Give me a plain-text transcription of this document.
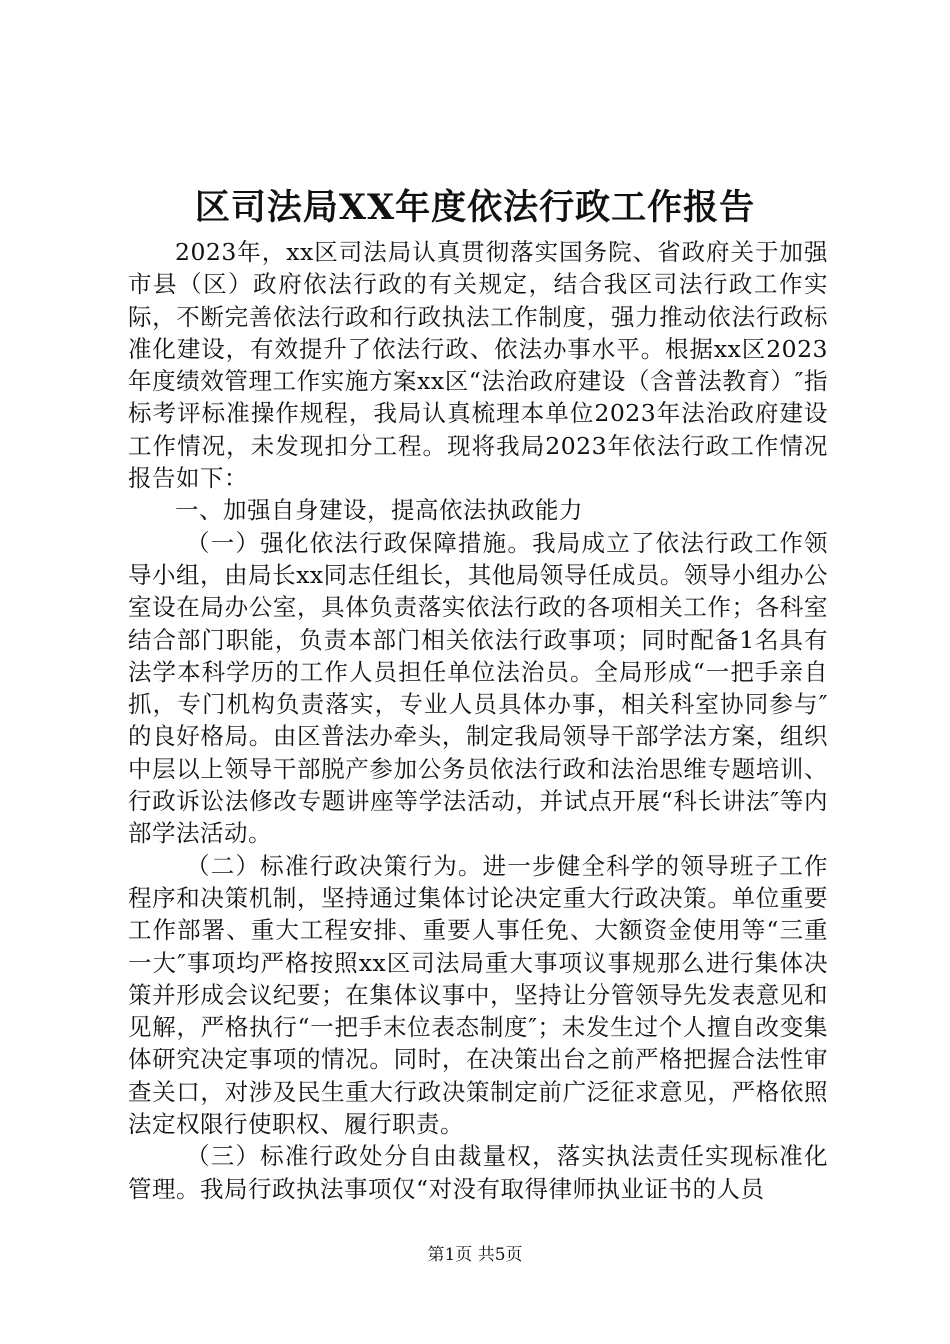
区司法局XX年度依法行政工作报告

2023年，xx区司法局认真贯彻落实国务院、省政府关于加强市县（区）政府依法行政的有关规定，结合我区司法行政工作实际，不断完善依法行政和行政执法工作制度，强力推动依法行政标准化建设，有效提升了依法行政、依法办事水平。根据xx区2023年度绩效管理工作实施方案xx区“法治政府建设（含普法教育）″指标考评标准操作规程，我局认真梳理本单位2023年法治政府建设工作情况，未发现扣分工程。现将我局2023年依法行政工作情况报告如下：

一、加强自身建设，提高依法执政能力

（一）强化依法行政保障措施。我局成立了依法行政工作领导小组，由局长xx同志任组长，其他局领导任成员。领导小组办公室设在局办公室，具体负责落实依法行政的各项相关工作；各科室结合部门职能，负责本部门相关依法行政事项；同时配备1名具有法学本科学历的工作人员担任单位法治员。全局形成“一把手亲自抓，专门机构负责落实，专业人员具体办事，相关科室协同参与″的良好格局。由区普法办牵头，制定我局领导干部学法方案，组织中层以上领导干部脱产参加公务员依法行政和法治思维专题培训、行政诉讼法修改专题讲座等学法活动，并试点开展“科长讲法″等内部学法活动。

（二）标准行政决策行为。进一步健全科学的领导班子工作程序和决策机制，坚持通过集体讨论决定重大行政决策。单位重要工作部署、重大工程安排、重要人事任免、大额资金使用等“三重一大″事项均严格按照xx区司法局重大事项议事规那么进行集体决策并形成会议纪要；在集体议事中，坚持让分管领导先发表意见和见解，严格执行“一把手末位表态制度″；未发生过个人擅自改变集体研究决定事项的情况。同时，在决策出台之前严格把握合法性审查关口，对涉及民生重大行政决策制定前广泛征求意见，严格依照法定权限行使职权、履行职责。

（三）标准行政处分自由裁量权，落实执法责任实现标准化管理。我局行政执法事项仅“对没有取得律师执业证书的人员

第1页 共5页
